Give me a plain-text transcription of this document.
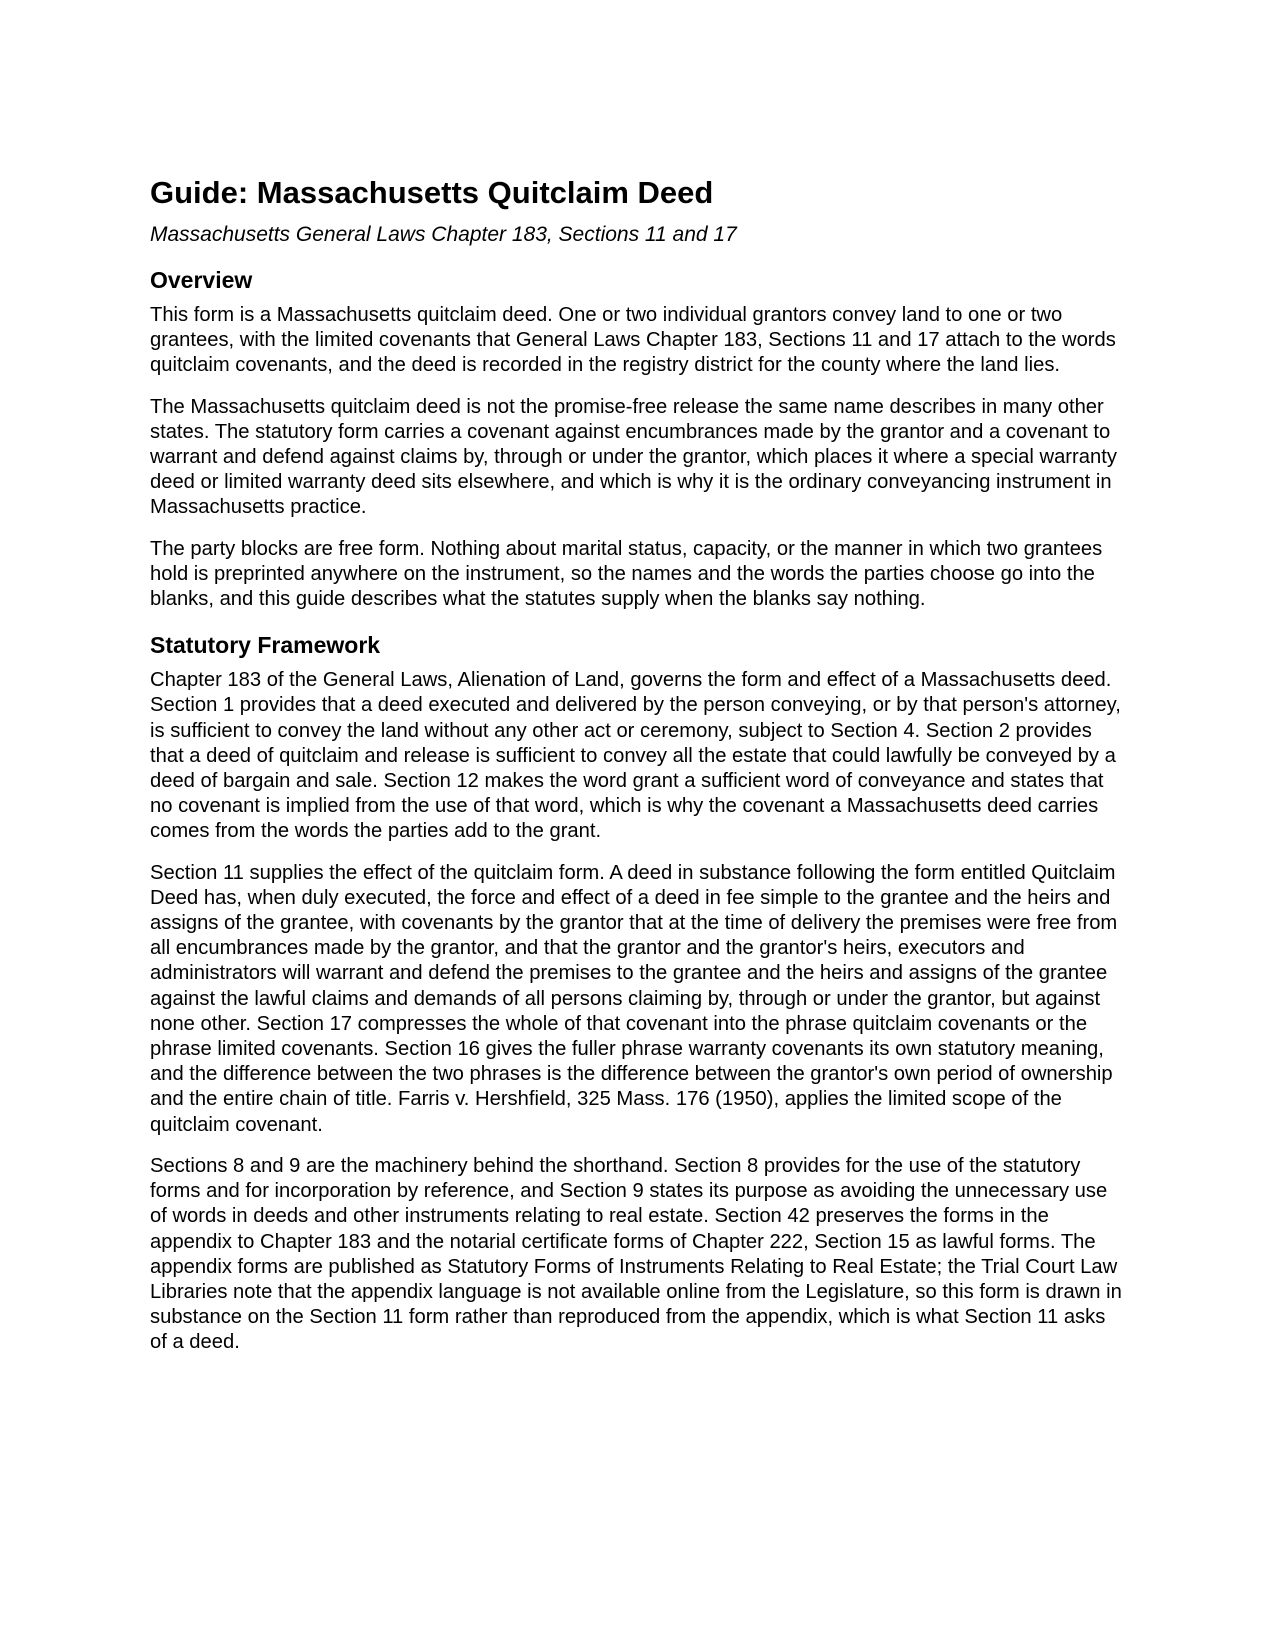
Guide: Massachusetts Quitclaim Deed
Massachusetts General Laws Chapter 183, Sections 11 and 17
Overview

This form is a Massachusetts quitclaim deed. One or two individual grantors convey land to one or two grantees, with the limited covenants that General Laws Chapter 183, Sections 11 and 17 attach to the words quitclaim covenants, and the deed is recorded in the registry district for the county where the land lies.

The Massachusetts quitclaim deed is not the promise-free release the same name describes in many other states. The statutory form carries a covenant against encumbrances made by the grantor and a covenant to warrant and defend against claims by, through or under the grantor, which places it where a special warranty deed or limited warranty deed sits elsewhere, and which is why it is the ordinary conveyancing instrument in Massachusetts practice.

The party blocks are free form. Nothing about marital status, capacity, or the manner in which two grantees hold is preprinted anywhere on the instrument, so the names and the words the parties choose go into the blanks, and this guide describes what the statutes supply when the blanks say nothing.

Statutory Framework

Chapter 183 of the General Laws, Alienation of Land, governs the form and effect of a Massachusetts deed. Section 1 provides that a deed executed and delivered by the person conveying, or by that person's attorney, is sufficient to convey the land without any other act or ceremony, subject to Section 4. Section 2 provides that a deed of quitclaim and release is sufficient to convey all the estate that could lawfully be conveyed by a deed of bargain and sale. Section 12 makes the word grant a sufficient word of conveyance and states that no covenant is implied from the use of that word, which is why the covenant a Massachusetts deed carries comes from the words the parties add to the grant.

Section 11 supplies the effect of the quitclaim form. A deed in substance following the form entitled Quitclaim Deed has, when duly executed, the force and effect of a deed in fee simple to the grantee and the heirs and assigns of the grantee, with covenants by the grantor that at the time of delivery the premises were free from all encumbrances made by the grantor, and that the grantor and the grantor's heirs, executors and administrators will warrant and defend the premises to the grantee and the heirs and assigns of the grantee against the lawful claims and demands of all persons claiming by, through or under the grantor, but against none other. Section 17 compresses the whole of that covenant into the phrase quitclaim covenants or the phrase limited covenants. Section 16 gives the fuller phrase warranty covenants its own statutory meaning, and the difference between the two phrases is the difference between the grantor's own period of ownership and the entire chain of title. Farris v. Hershfield, 325 Mass. 176 (1950), applies the limited scope of the quitclaim covenant.

Sections 8 and 9 are the machinery behind the shorthand. Section 8 provides for the use of the statutory forms and for incorporation by reference, and Section 9 states its purpose as avoiding the unnecessary use of words in deeds and other instruments relating to real estate. Section 42 preserves the forms in the appendix to Chapter 183 and the notarial certificate forms of Chapter 222, Section 15 as lawful forms. The appendix forms are published as Statutory Forms of Instruments Relating to Real Estate; the Trial Court Law Libraries note that the appendix language is not available online from the Legislature, so this form is drawn in substance on the Section 11 form rather than reproduced from the appendix, which is what Section 11 asks of a deed.
